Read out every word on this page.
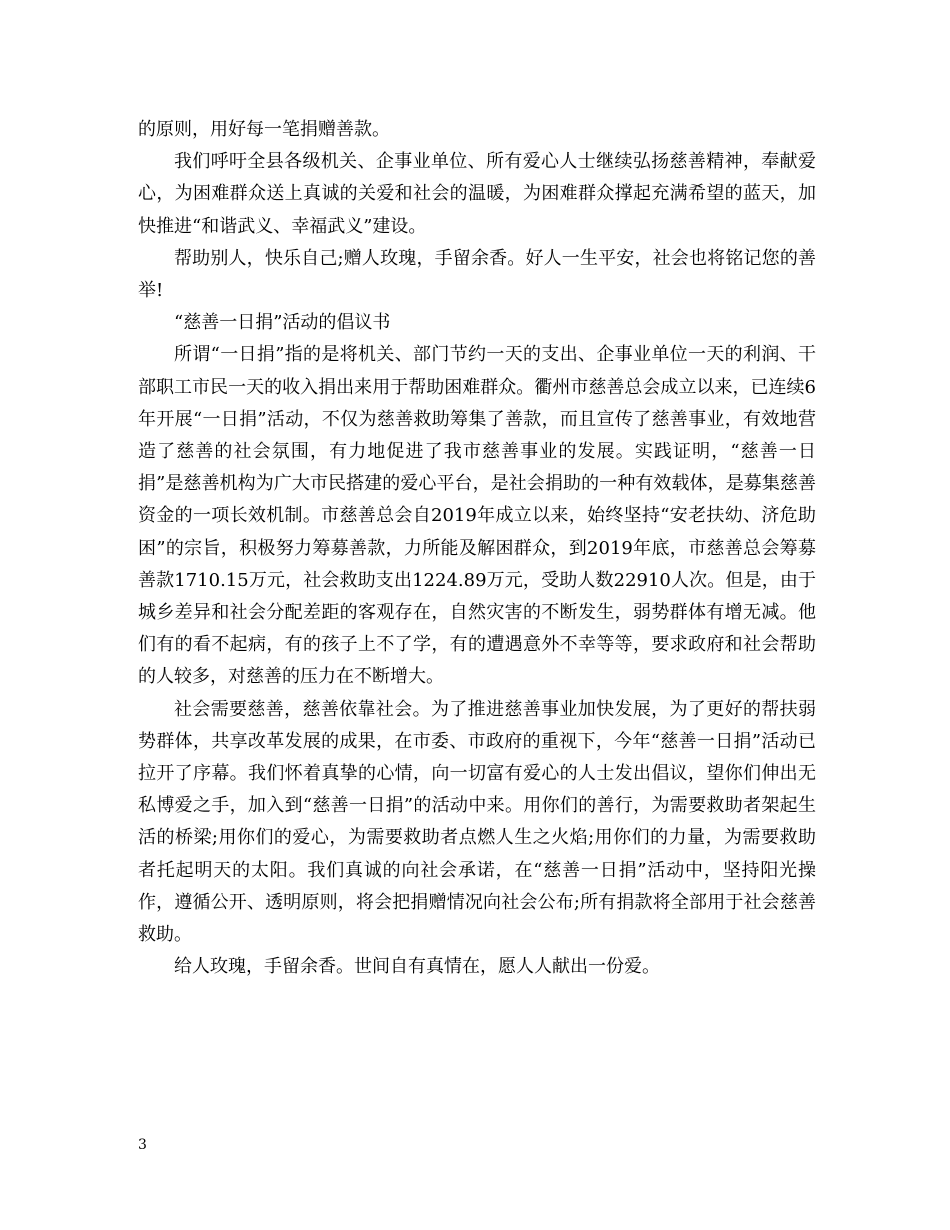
的原则，用好每一笔捐赠善款。

我们呼吁全县各级机关、企事业单位、所有爱心人士继续弘扬慈善精神，奉献爱心，为困难群众送上真诚的关爱和社会的温暖，为困难群众撑起充满希望的蓝天，加快推进“和谐武义、幸福武义”建设。

帮助别人，快乐自己;赠人玫瑰，手留余香。好人一生平安，社会也将铭记您的善举!

“慈善一日捐”活动的倡议书

所谓“一日捐”指的是将机关、部门节约一天的支出、企事业单位一天的利润、干部职工市民一天的收入捐出来用于帮助困难群众。衢州市慈善总会成立以来，已连续6年开展“一日捐”活动，不仅为慈善救助筹集了善款，而且宣传了慈善事业，有效地营造了慈善的社会氛围，有力地促进了我市慈善事业的发展。实践证明，“慈善一日捐”是慈善机构为广大市民搭建的爱心平台，是社会捐助的一种有效载体，是募集慈善资金的一项长效机制。市慈善总会自2019年成立以来，始终坚持“安老扶幼、济危助困”的宗旨，积极努力筹募善款，力所能及解困群众，到2019年底，市慈善总会筹募善款1710.15万元，社会救助支出1224.89万元，受助人数22910人次。但是，由于城乡差异和社会分配差距的客观存在，自然灾害的不断发生，弱势群体有增无减。他们有的看不起病，有的孩子上不了学，有的遭遇意外不幸等等，要求政府和社会帮助的人较多，对慈善的压力在不断增大。

社会需要慈善，慈善依靠社会。为了推进慈善事业加快发展，为了更好的帮扶弱势群体，共享改革发展的成果，在市委、市政府的重视下，今年“慈善一日捐”活动已拉开了序幕。我们怀着真挚的心情，向一切富有爱心的人士发出倡议，望你们伸出无私博爱之手，加入到“慈善一日捐”的活动中来。用你们的善行，为需要救助者架起生活的桥梁;用你们的爱心，为需要救助者点燃人生之火焰;用你们的力量，为需要救助者托起明天的太阳。我们真诚的向社会承诺，在“慈善一日捐”活动中，坚持阳光操作，遵循公开、透明原则，将会把捐赠情况向社会公布;所有捐款将全部用于社会慈善救助。

给人玫瑰，手留余香。世间自有真情在，愿人人献出一份爱。

3
